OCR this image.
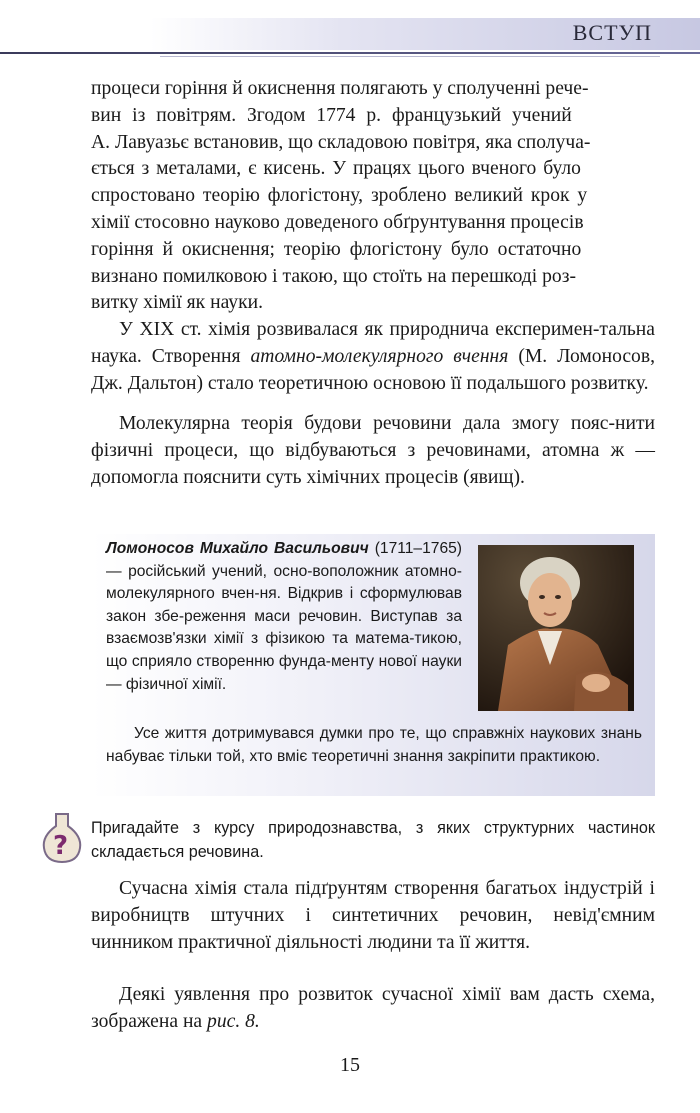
ВСТУП
процеси горіння й окиснення полягають у сполученні рече-
вин із повітрям. Згодом 1774 р. французький учений
А. Лавуазьє встановив, що складовою повітря, яка сполуча-
ється з металами, є кисень. У працях цього вченого було
спростовано теорію флогістону, зроблено великий крок у
хімії стосовно науково доведеного обґрунтування процесів
горіння й окиснення; теорію флогістону було остаточно
визнано помилковою і такою, що стоїть на перешкоді роз-
витку хімії як науки.

У XIX ст. хімія розвивалася як природнича експеримен-тальна наука. Створення атомно-молекулярного вчення (М. Ломоносов, Дж. Дальтон) стало теоретичною основою її подальшого розвитку.

Молекулярна теорія будови речовини дала змогу пояс-нити фізичні процеси, що відбуваються з речовинами, атомна ж — допомогла пояснити суть хімічних процесів (явищ).

Ломоносов Михайло Васильович (1711–1765) — російський учений, осно-воположник атомно-молекулярного вчен-ня. Відкрив і сформулював закон збе-реження маси речовин. Виступав за взаємозв'язки хімії з фізикою та матема-тикою, що сприяло створенню фунда-менту нової науки — фізичної хімії.
Усе життя дотримувався думки про те, що справжніх наукових знань набуває тільки той, хто вміє теоретичні знання закріпити практикою.
?
Пригадайте з курсу природознавства, з яких структурних частинок складається речовина.

Сучасна хімія стала підґрунтям створення багатьох індустрій і виробництв штучних і синтетичних речовин, невід'ємним чинником практичної діяльності людини та її життя.

Деякі уявлення про розвиток сучасної хімії вам дасть схема, зображена на рис. 8.

15
